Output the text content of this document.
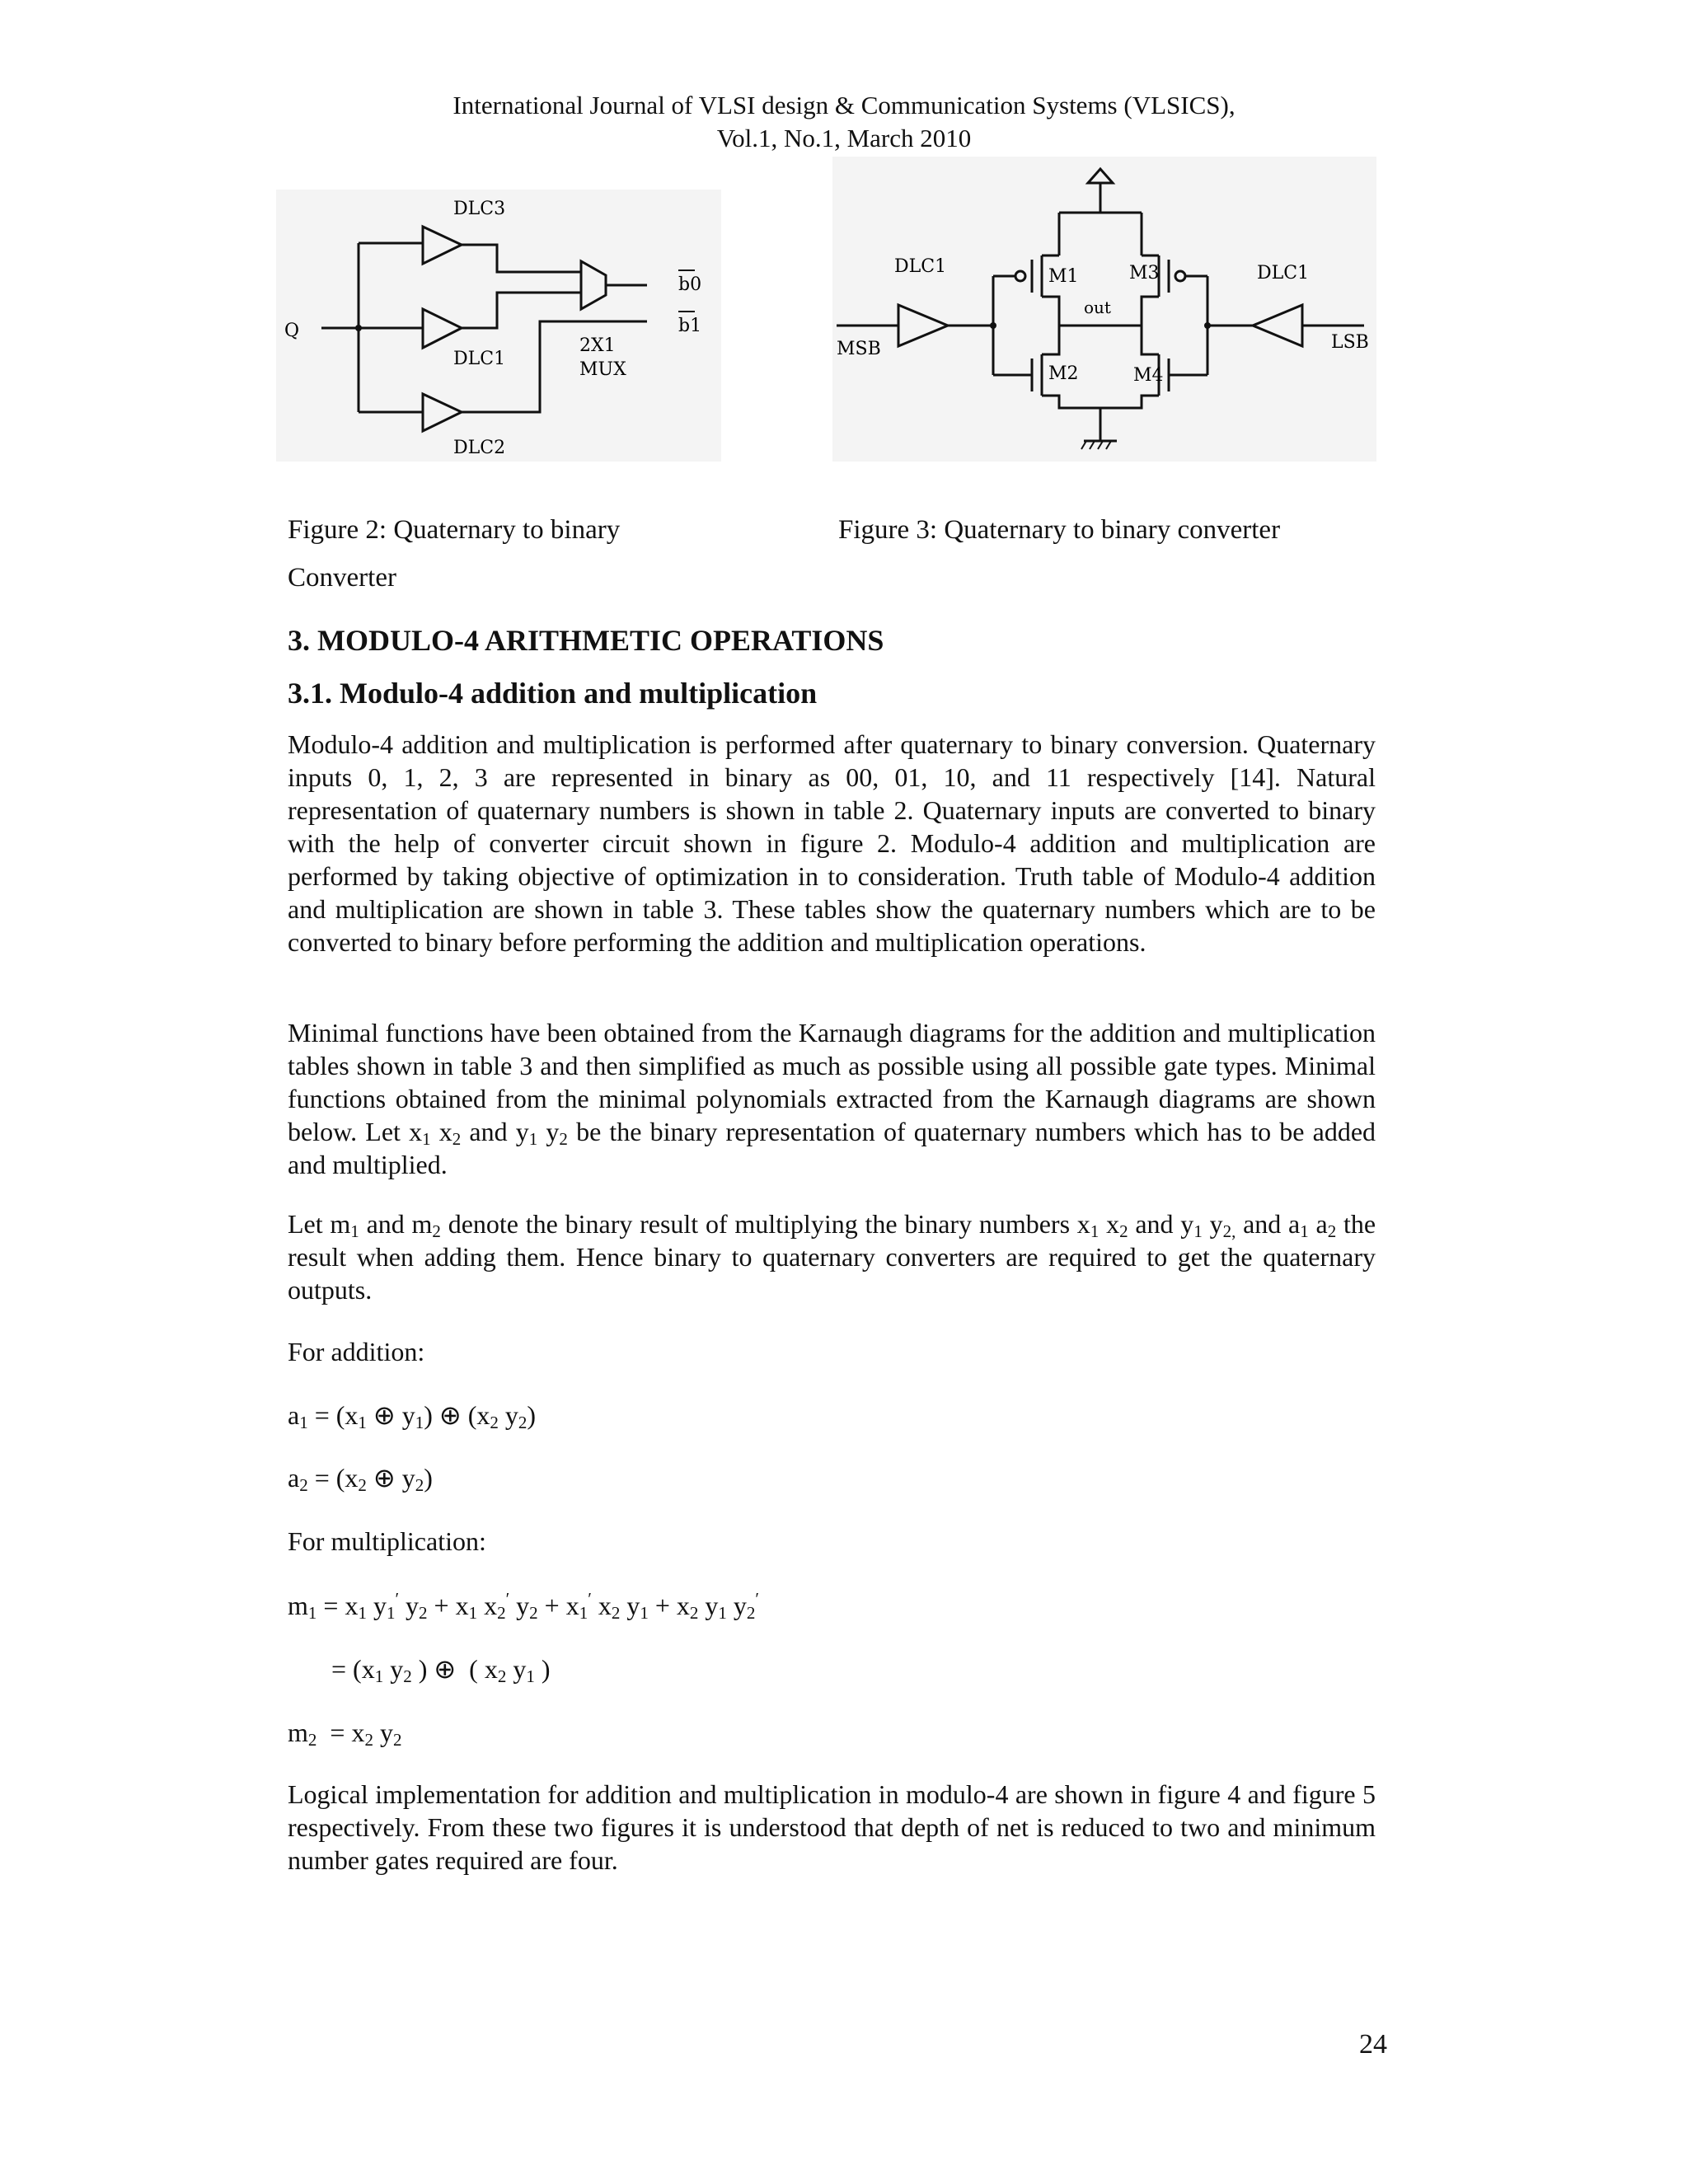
International Journal of VLSI design & Communication Systems (VLSICS),
Vol.1, No.1, March 2010
Q
DLC3
DLC1
DLC2
2X1
MUX
b0
b1
DLC1	DLC1
MSB	LSB
M1	M3
M2	M4
out
Figure 2: Quaternary to binary
Converter
Figure 3: Quaternary to binary converter
3. MODULO-4 ARITHMETIC OPERATIONS
3.1. Modulo-4 addition and multiplication
Modulo-4 addition and multiplication is performed after quaternary to binary conversion. Quaternary inputs 0, 1, 2, 3 are represented in binary as 00, 01, 10, and 11 respectively [14]. Natural representation of quaternary numbers is shown in table 2. Quaternary inputs are converted to binary with the help of converter circuit shown in figure 2. Modulo-4 addition and multiplication are performed by taking objective of optimization in to consideration. Truth table of Modulo-4 addition and multiplication are shown in table 3. These tables show the quaternary numbers which are to be converted to binary before performing the addition and multiplication operations.
Minimal functions have been obtained from the Karnaugh diagrams for the addition and multiplication tables shown in table 3 and then simplified as much as possible using all possible gate types. Minimal functions obtained from the minimal polynomials extracted from the Karnaugh diagrams are shown below. Let $x_1$ $x_2$ and $y_1$ $y_2$ be the binary representation of quaternary numbers which has to be added and multiplied.
Let $m_1$ and $m_2$ denote the binary result of multiplying the binary numbers $x_1$ $x_2$ and $y_1$ $y_{2,}$ and $a_1$ $a_2$ the result when adding them. Hence binary to quaternary converters are required to get the quaternary outputs.
For addition:
$a_1 = (x_1$ ⊕ $y_1$) ⊕ ($x_2$ $y_2$)
$a_2 = (x_2$ ⊕ $y_2$)
For multiplication:
$m_1 = x_1$ $y_1'$ $y_2 + x_1$ $x_2'$ $y_2 + x_1'$ $x_2$ $y_1 + x_2$ $y_1$ $y_2'$
= ($x_1$ $y_2$ ) ⊕  ( $x_2$ $y_1$ )
$m_2 = x_2$ $y_2$
Logical implementation for addition and multiplication in modulo-4 are shown in figure 4 and figure 5 respectively. From these two figures it is understood that depth of net is reduced to two and minimum number gates required are four.
24
